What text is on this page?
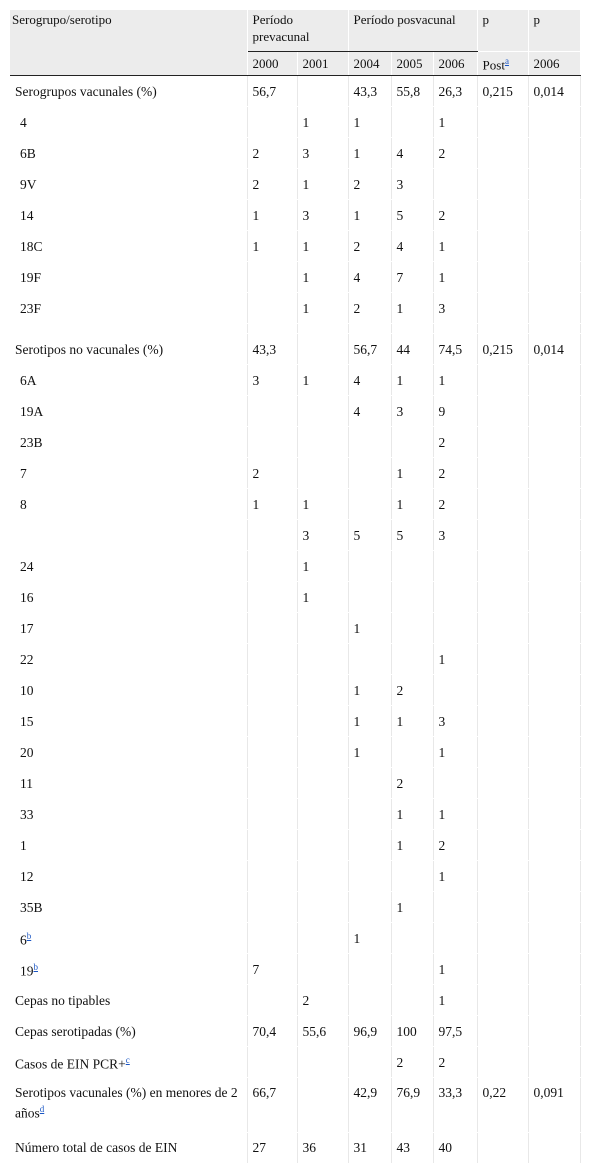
Serogrupo/serotipo	Período prevacunal		Período posvacunal			p	p
	2000	2001	2004	2005	2006	Post$^a$	2006
Serogrupos vacunales (%)	56,7		43,3	55,8	26,3	0,215	0,014
4		1	1		1		
6B	2	3	1	4	2		
9V	2	1	2	3			
14	1	3	1	5	2		
18C	1	1	2	4	1		
19F		1	4	7	1		
23F		1	2	1	3		

Serotipos no vacunales (%)	43,3		56,7	44	74,5	0,215	0,014
6A	3	1	4	1	1		
19A			4	3	9		
23B					2		
7	2			1	2		
8	1	1		1	2		
		3	5	5	3		
24		1					
16		1					
17			1				
22					1		
10			1	2			
15			1	1	3		
20			1		1		
11				2			
33				1	1		
1				1	2		
12					1		
35B				1			
6$^b$			1				
19$^b$	7				1		
Cepas no tipables		2			1		
Cepas serotipadas (%)	70,4	55,6	96,9	100	97,5		
Casos de EIN PCR+$^c$				2	2		
Serotipos vacunales (%) en menores de 2 años$^d$	66,7		42,9	76,9	33,3	0,22	0,091
Número total de casos de EIN	27	36	31	43	40		
